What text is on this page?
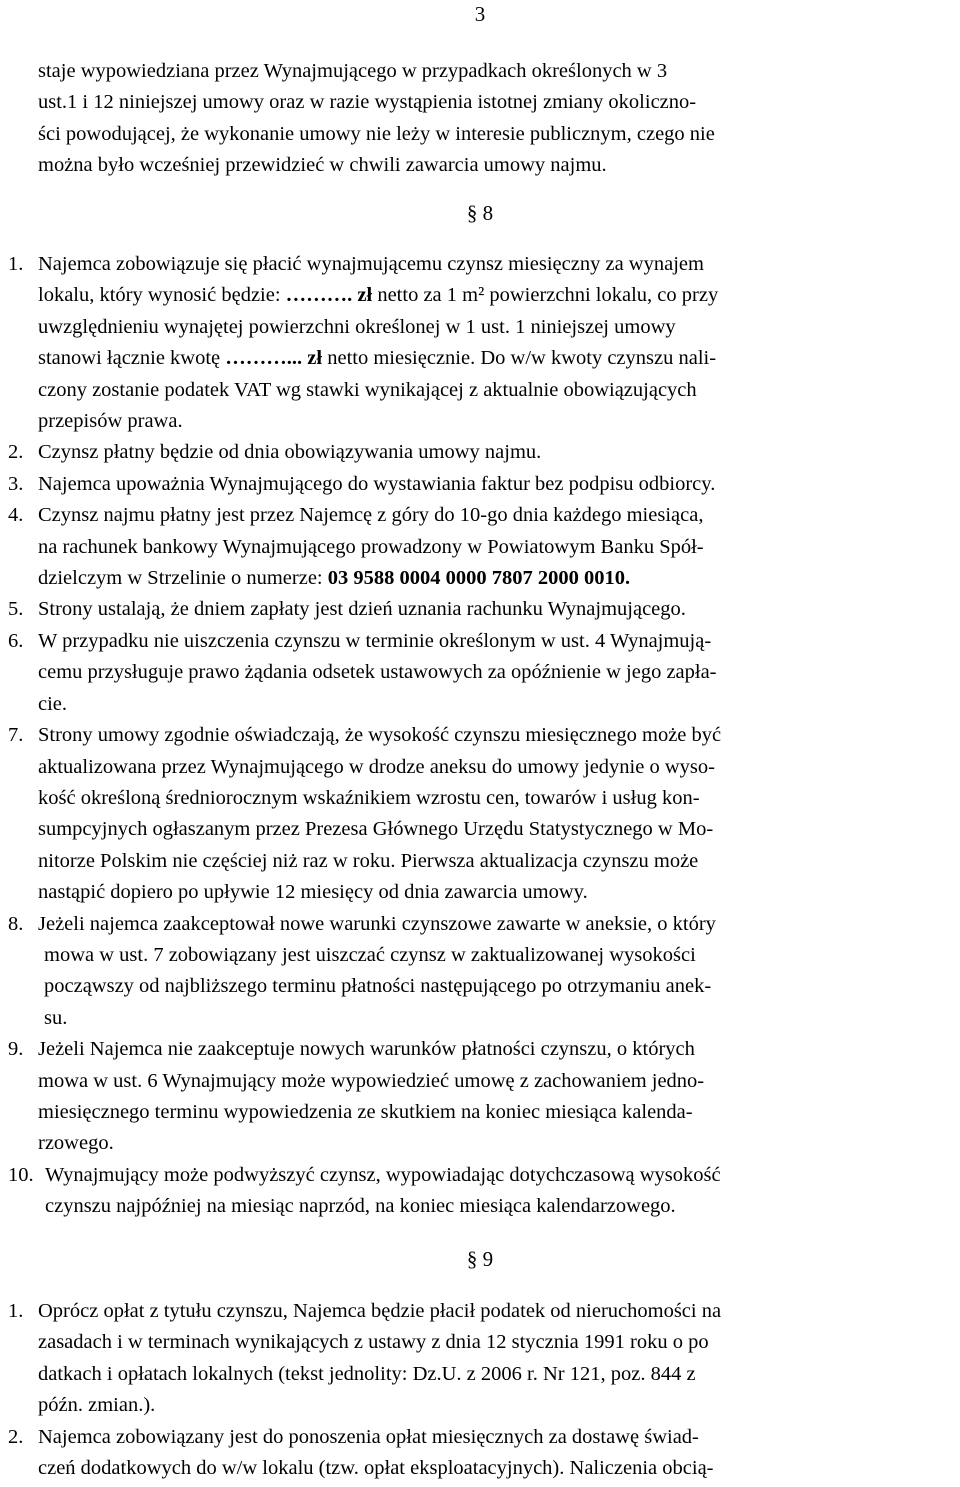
3
staje wypowiedziana przez Wynajmującego w przypadkach określonych w 3
ust.1 i 12 niniejszej umowy oraz w razie wystąpienia istotnej zmiany okoliczno-
ści powodującej, że wykonanie umowy nie leży w interesie publicznym, czego nie
można było wcześniej przewidzieć w chwili zawarcia umowy najmu.
§ 8
1. Najemca zobowiązuje się płacić wynajmującemu czynsz miesięczny za wynajem
lokalu, który wynosić będzie: ………. zł netto za 1 m² powierzchni lokalu, co przy
uwzględnieniu wynajętej powierzchni określonej w 1 ust. 1 niniejszej umowy
stanowi łącznie kwotę ………... zł netto miesięcznie. Do w/w kwoty czynszu nali-
czony zostanie podatek VAT wg stawki wynikającej z aktualnie obowiązujących
przepisów prawa.
2. Czynsz płatny będzie od dnia obowiązywania umowy najmu.
3. Najemca upoważnia Wynajmującego do wystawiania faktur bez podpisu odbiorcy.
4. Czynsz najmu płatny jest przez Najemcę z góry do 10-go dnia każdego miesiąca,
na rachunek bankowy Wynajmującego prowadzony w Powiatowym Banku Spół-
dzielczym w Strzelinie o numerze: 03 9588 0004 0000 7807 2000 0010.
5. Strony ustalają, że dniem zapłaty jest dzień uznania rachunku Wynajmującego.
6. W przypadku nie uiszczenia czynszu w terminie określonym w ust. 4 Wynajmują-
cemu przysługuje prawo żądania odsetek ustawowych za opóźnienie w jego zapła-
cie.
7. Strony umowy zgodnie oświadczają, że wysokość czynszu miesięcznego może być
aktualizowana przez Wynajmującego w drodze aneksu do umowy jedynie o wyso-
kość określoną średniorocznym wskaźnikiem wzrostu cen, towarów i usług kon-
sumpcyjnych ogłaszanym przez Prezesa Głównego Urzędu Statystycznego w Mo-
nitorze Polskim nie częściej niż raz w roku. Pierwsza aktualizacja czynszu może
nastąpić dopiero po upływie 12 miesięcy od dnia zawarcia umowy.
8. Jeżeli najemca zaakceptował nowe warunki czynszowe zawarte w aneksie, o który
mowa w ust. 7 zobowiązany jest uiszczać czynsz w zaktualizowanej wysokości
począwszy od najbliższego terminu płatności następującego po otrzymaniu anek-
su.
9. Jeżeli Najemca nie zaakceptuje nowych warunków płatności czynszu, o których
mowa w ust. 6 Wynajmujący może wypowiedzieć umowę z zachowaniem jedno-
miesięcznego terminu wypowiedzenia ze skutkiem na koniec miesiąca kalenda-
rzowego.
10. Wynajmujący może podwyższyć czynsz, wypowiadając dotychczasową wysokość
czynszu najpóźniej na miesiąc naprzód, na koniec miesiąca kalendarzowego.
§ 9
1. Oprócz opłat z tytułu czynszu, Najemca będzie płacił podatek od nieruchomości na
zasadach i w terminach wynikających z ustawy z dnia 12 stycznia 1991 roku o po
datkach i opłatach lokalnych (tekst jednolity: Dz.U. z 2006 r. Nr 121, poz. 844 z
późn. zmian.).
2. Najemca zobowiązany jest do ponoszenia opłat miesięcznych za dostawę świad-
czeń dodatkowych do w/w lokalu (tzw. opłat eksploatacyjnych). Naliczenia obcią-
